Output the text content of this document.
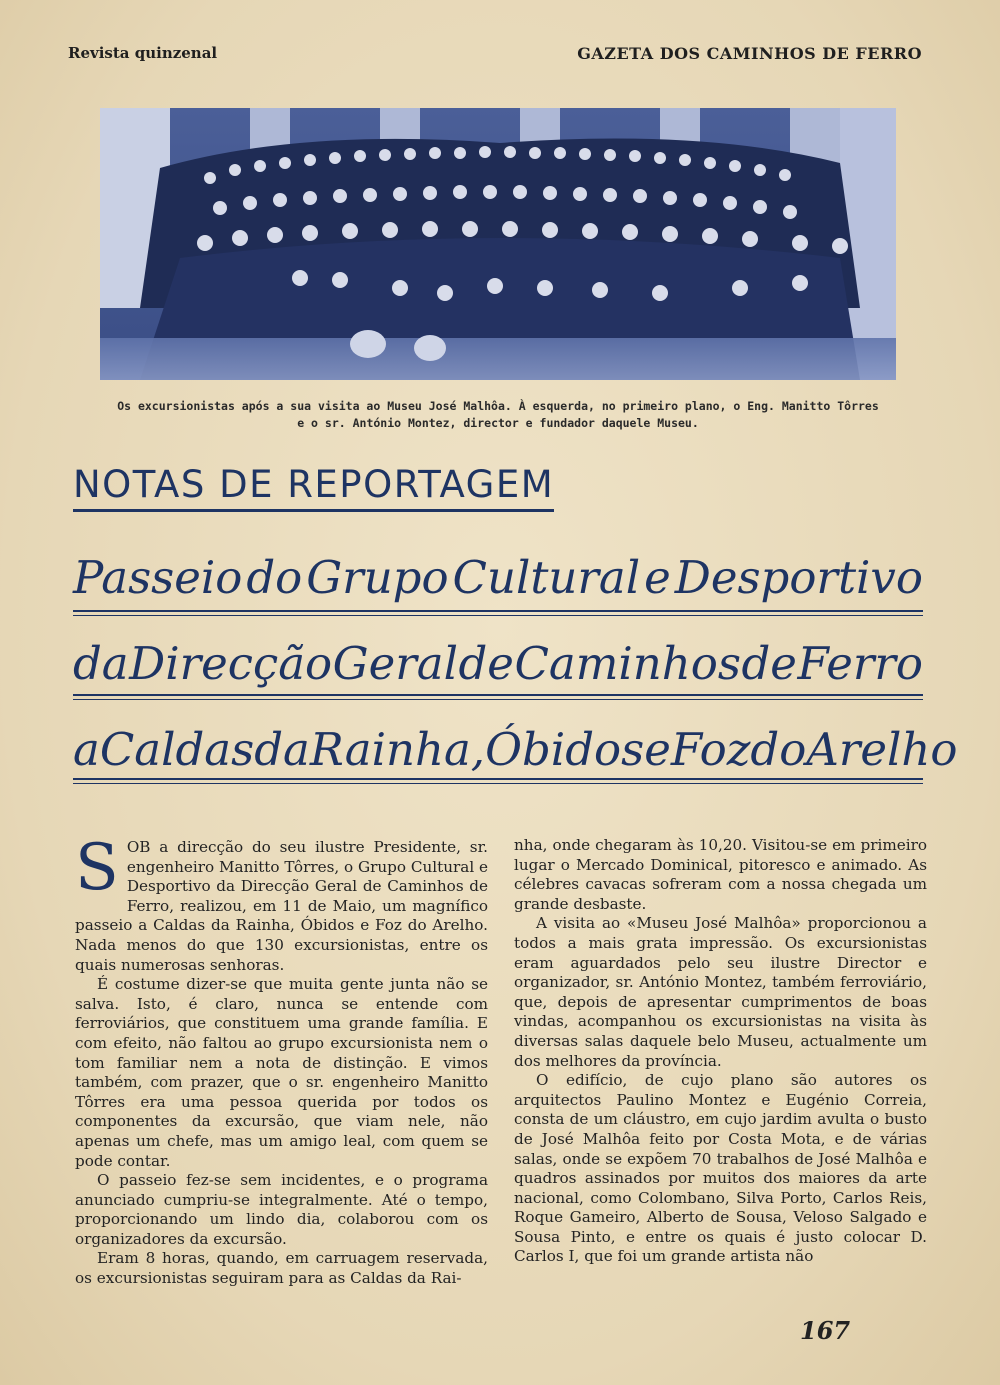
Revista quinzenal	GAZETA DOS CAMINHOS DE FERRO
Os excursionistas após a sua visita ao Museu José Malhôa. À esquerda, no primeiro plano, o Eng. Manitto Tôrres
e o sr. António Montez, director e fundador daquele Museu.
NOTAS DE REPORTAGEM
Passeio do Grupo Cultural e Desportivo
da Direcção Geral de Caminhos de Ferro
a Caldas da Rainha, Óbidos e Foz do Arelho

SOB a direcção do seu ilustre Presidente, sr. engenheiro Manitto Tôrres, o Grupo Cultural e Desportivo da Direcção Geral de Caminhos de Ferro, realizou, em 11 de Maio, um magnífico passeio a Caldas da Rainha, Óbidos e Foz do Arelho. Nada menos do que 130 excursionistas, entre os quais numerosas senhoras.

É costume dizer-se que muita gente junta não se salva. Isto, é claro, nunca se entende com ferroviários, que constituem uma grande família. E com efeito, não faltou ao grupo excursionista nem o tom familiar nem a nota de distinção. E vimos também, com prazer, que o sr. engenheiro Manitto Tôrres era uma pessoa querida por todos os componentes da excursão, que viam nele, não apenas um chefe, mas um amigo leal, com quem se pode contar.

O passeio fez-se sem incidentes, e o programa anunciado cumpriu-se integralmente. Até o tempo, proporcionando um lindo dia, colaborou com os organizadores da excursão.

Eram 8 horas, quando, em carruagem reservada, os excursionistas seguiram para as Caldas da Rai-

nha, onde chegaram às 10,20. Visitou-se em primeiro lugar o Mercado Dominical, pitoresco e animado. As célebres cavacas sofreram com a nossa chegada um grande desbaste.

A visita ao «Museu José Malhôa» proporcionou a todos a mais grata impressão. Os excursionistas eram aguardados pelo seu ilustre Director e organizador, sr. António Montez, também ferroviário, que, depois de apresentar cumprimentos de boas vindas, acompanhou os excursionistas na visita às diversas salas daquele belo Museu, actualmente um dos melhores da província.

O edifício, de cujo plano são autores os arquitectos Paulino Montez e Eugénio Correia, consta de um cláustro, em cujo jardim avulta o busto de José Malhôa feito por Costa Mota, e de várias salas, onde se expõem 70 trabalhos de José Malhôa e quadros assinados por muitos dos maiores da arte nacional, como Colombano, Silva Porto, Carlos Reis, Roque Gameiro, Alberto de Sousa, Veloso Salgado e Sousa Pinto, e entre os quais é justo colocar D. Carlos I, que foi um grande artista não

167
